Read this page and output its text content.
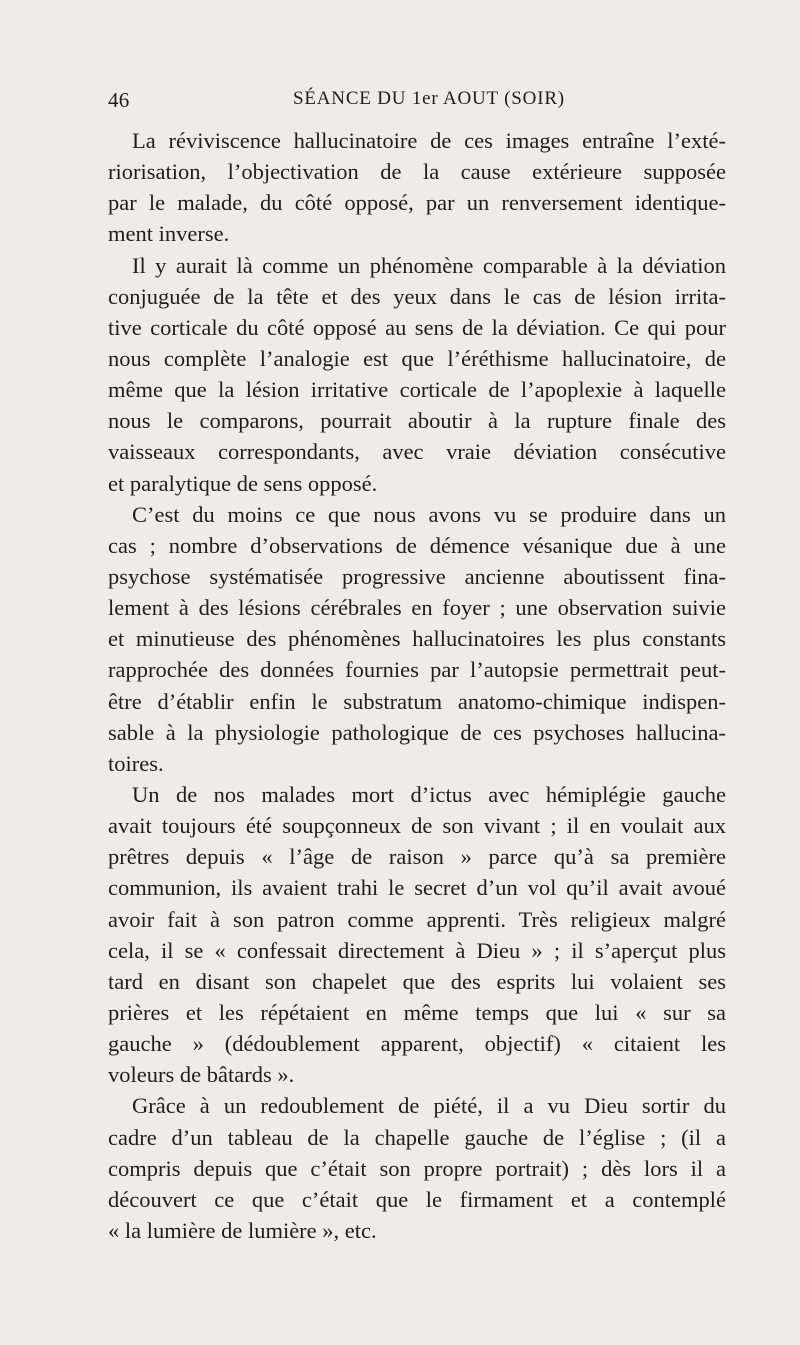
46	SÉANCE DU 1er AOUT (SOIR)
La réviviscence hallucinatoire de ces images entraîne l’exté-
riorisation, l’objectivation de la cause extérieure supposée
par le malade, du côté opposé, par un renversement identique-
ment inverse.
Il y aurait là comme un phénomène comparable à la déviation
conjuguée de la tête et des yeux dans le cas de lésion irrita-
tive corticale du côté opposé au sens de la déviation. Ce qui pour
nous complète l’analogie est que l’éréthisme hallucinatoire, de
même que la lésion irritative corticale de l’apoplexie à laquelle
nous le comparons, pourrait aboutir à la rupture finale des
vaisseaux correspondants, avec vraie déviation consécutive
et paralytique de sens opposé.
C’est du moins ce que nous avons vu se produire dans un
cas ; nombre d’observations de démence vésanique due à une
psychose systématisée progressive ancienne aboutissent fina-
lement à des lésions cérébrales en foyer ; une observation suivie
et minutieuse des phénomènes hallucinatoires les plus constants
rapprochée des données fournies par l’autopsie permettrait peut-
être d’établir enfin le substratum anatomo-chimique indispen-
sable à la physiologie pathologique de ces psychoses hallucina-
toires.
Un de nos malades mort d’ictus avec hémiplégie gauche
avait toujours été soupçonneux de son vivant ; il en voulait aux
prêtres depuis « l’âge de raison » parce qu’à sa première
communion, ils avaient trahi le secret d’un vol qu’il avait avoué
avoir fait à son patron comme apprenti. Très religieux malgré
cela, il se « confessait directement à Dieu » ; il s’aperçut plus
tard en disant son chapelet que des esprits lui volaient ses
prières et les répétaient en même temps que lui « sur sa
gauche » (dédoublement apparent, objectif) « citaient les
voleurs de bâtards ».
Grâce à un redoublement de piété, il a vu Dieu sortir du
cadre d’un tableau de la chapelle gauche de l’église ; (il a
compris depuis que c’était son propre portrait) ; dès lors il a
découvert ce que c’était que le firmament et a contemplé
« la lumière de lumière », etc.
